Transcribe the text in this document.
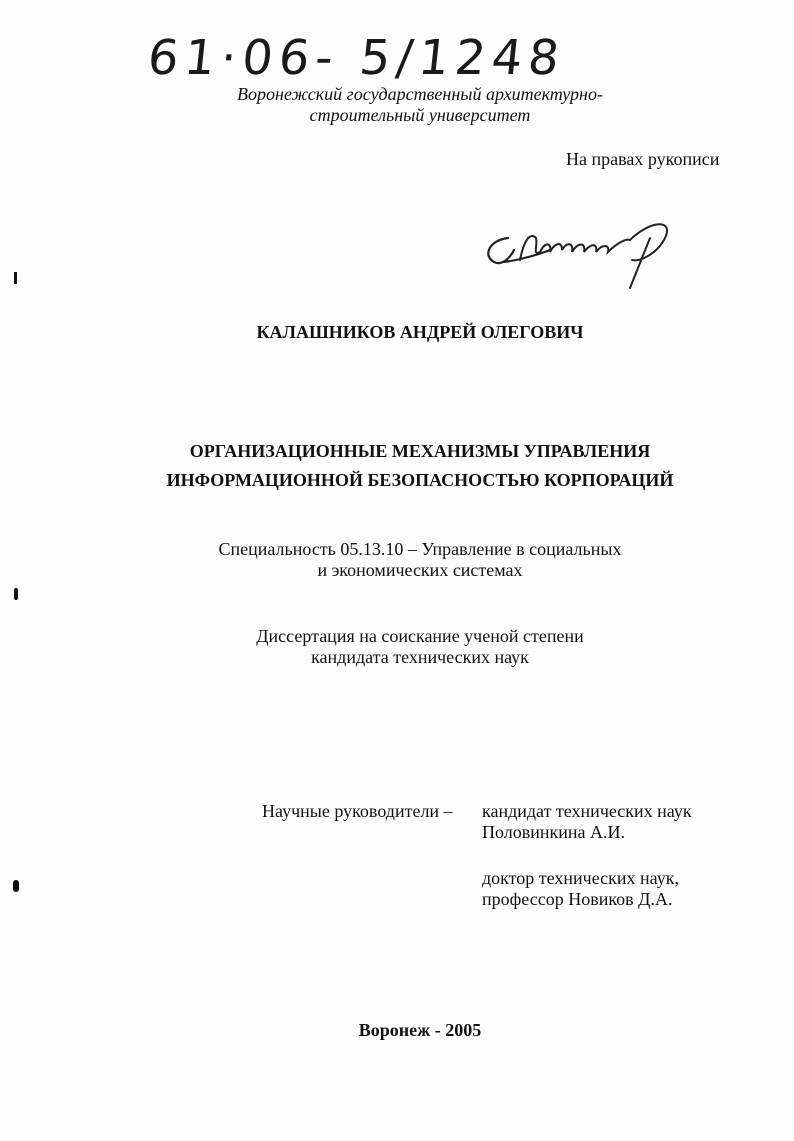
61·06- 5/1248
Воронежский государственный архитектурно-
строительный университет
На правах рукописи
КАЛАШНИКОВ АНДРЕЙ ОЛЕГОВИЧ
ОРГАНИЗАЦИОННЫЕ МЕХАНИЗМЫ УПРАВЛЕНИЯ
ИНФОРМАЦИОННОЙ БЕЗОПАСНОСТЬЮ КОРПОРАЦИЙ
Специальность 05.13.10 – Управление в социальных
и экономических системах
Диссертация на соискание ученой степени
кандидата технических наук
Научные руководители – кандидат технических наук
Половинкина А.И.
доктор технических наук,
профессор Новиков Д.А.
Воронеж - 2005
